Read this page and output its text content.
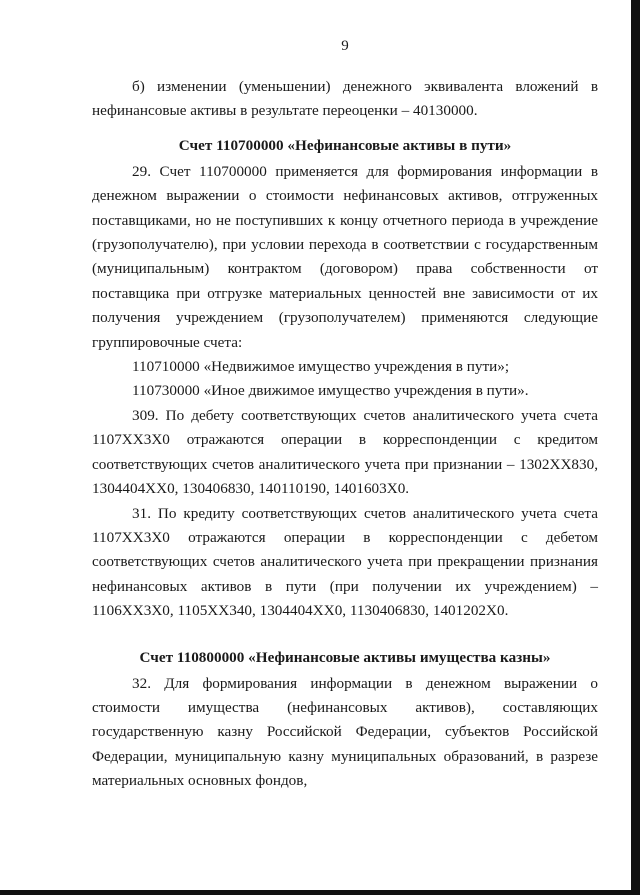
9

б) изменении (уменьшении) денежного эквивалента вложений в нефинансовые активы в результате переоценки – 40130000.

Счет 110700000 «Нефинансовые активы в пути»

29. Счет 110700000 применяется для формирования информации в денежном выражении о стоимости нефинансовых активов, отгруженных поставщиками, но не поступивших к концу отчетного периода в учреждение (грузополучателю), при условии перехода в соответствии с государственным (муниципальным) контрактом (договором) права собственности от поставщика при отгрузке материальных ценностей вне зависимости от их получения учреждением (грузополучателем) применяются следующие группировочные счета:

110710000 «Недвижимое имущество учреждения в пути»;

110730000 «Иное движимое имущество учреждения в пути».

309. По дебету соответствующих счетов аналитического учета счета 1107ХХ3Х0 отражаются операции в корреспонденции с кредитом соответствующих счетов аналитического учета при признании – 1302ХХ830, 1304404ХХ0, 130406830, 140110190, 1401603Х0.

31. По кредиту соответствующих счетов аналитического учета счета 1107ХХ3Х0 отражаются операции в корреспонденции с дебетом соответствующих счетов аналитического учета при прекращении признания нефинансовых активов в пути (при получении их учреждением) – 1106ХХ3Х0, 1105ХХ340, 1304404ХХ0, 1130406830, 1401202Х0.

Счет 110800000 «Нефинансовые активы имущества казны»

32. Для формирования информации в денежном выражении о стоимости имущества (нефинансовых активов), составляющих государственную казну Российской Федерации, субъектов Российской Федерации, муниципальную казну муниципальных образований, в разрезе материальных основных фондов,
